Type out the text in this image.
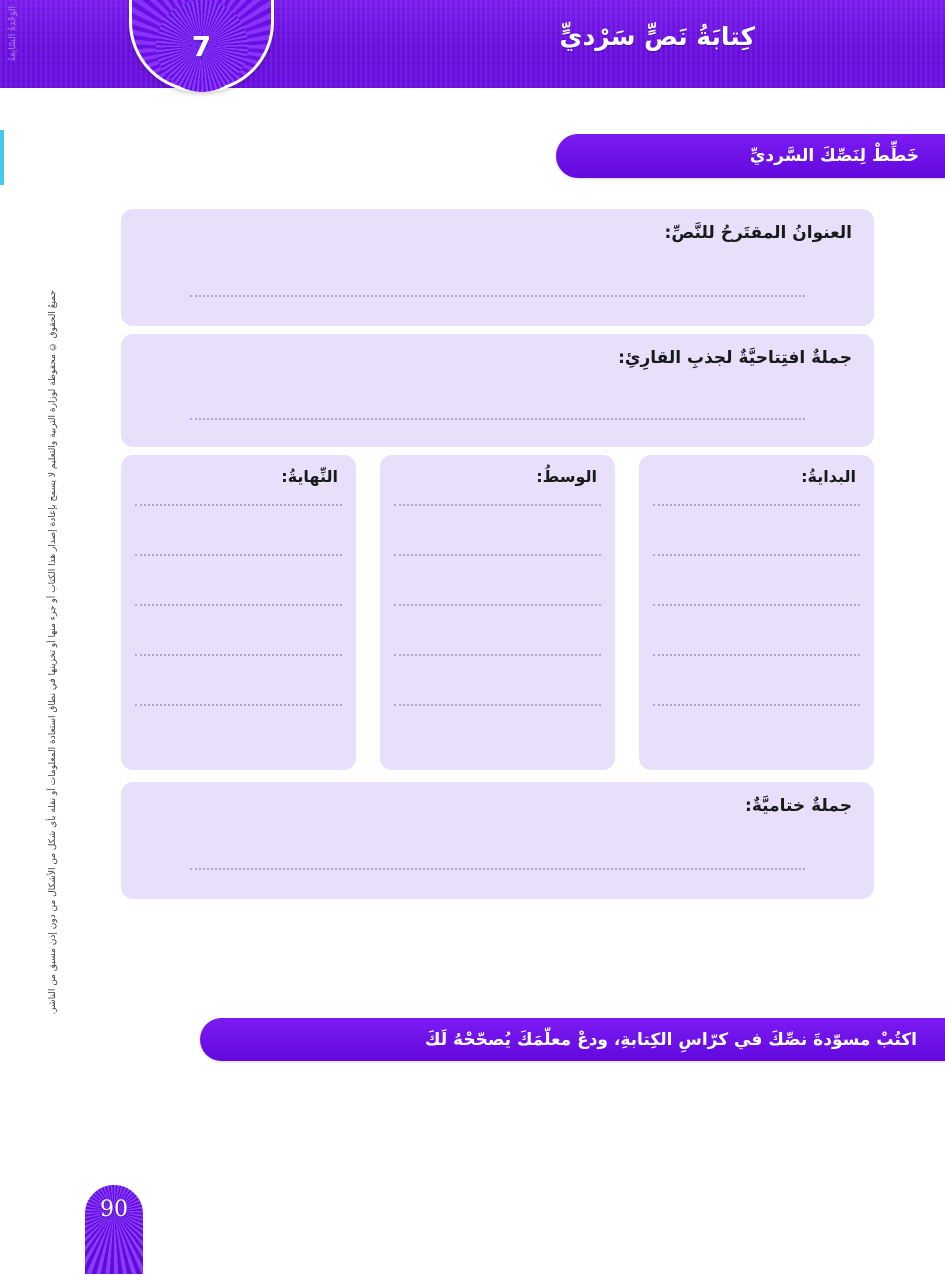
الوَحْدةُ السّابِعةُ	كِتابَةُ نَصٍّ سَرْديٍّ
7
خَطِّطْ لِنَصِّكَ السَّرديِّ
العنوانُ المقتَرحُ للنَّصِّ:
جملةٌ افتِتاحيَّةٌ لجذبِ القارِئِ:
البدايةُ:
الوسطُ:
النِّهايةُ:
جملةٌ ختاميَّةٌ:
اكتُبْ مسوّدةَ نصِّكَ في كرّاسِ الكِتابةِ، ودعْ معلّمَكَ يُصحّحْهُ لَكَ
جميعُ الحقوق © محفوظة لوزارة التربية والتعليم لا يسمح بإعادة إصدار هذا الكتاب أو جزء منها أو تخزينها في نطاق استعادة المعلومات أو نقله بأي شكل من الأشكال من دون إذن مسبق من الناشر.
90
